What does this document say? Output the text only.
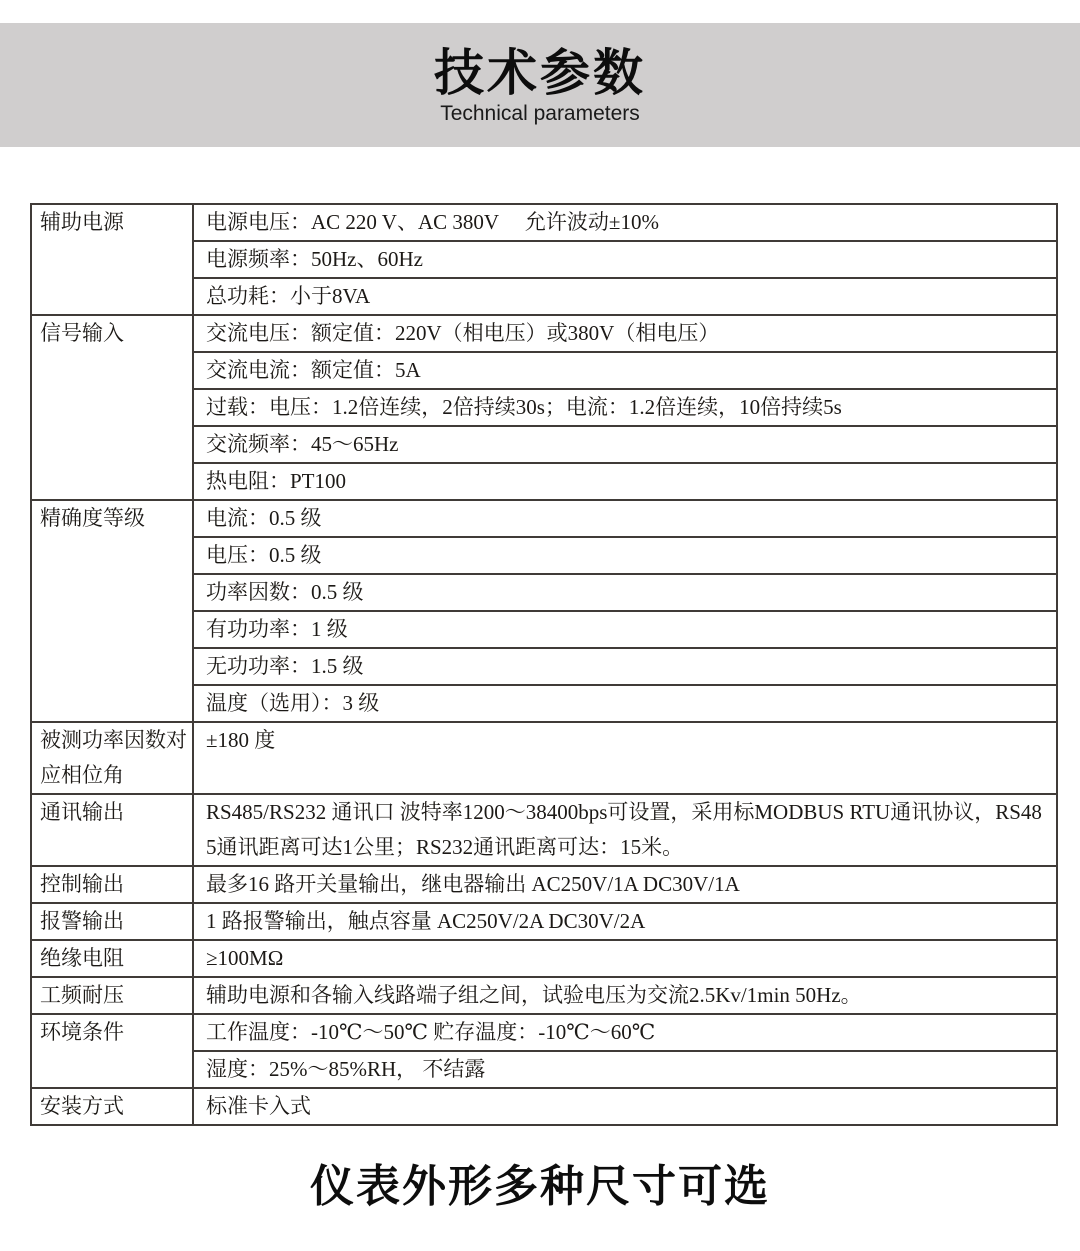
技术参数
Technical parameters
辅助电源	电源电压：AC 220 V、AC 380V　 允许波动±10%
	电源频率：50Hz、60Hz
	总功耗：小于8VA
信号输入	交流电压：额定值：220V（相电压）或380V（相电压）
	交流电流：额定值：5A
	过载：电压：1.2倍连续，2倍持续30s；电流：1.2倍连续，10倍持续5s
	交流频率：45～65Hz
	热电阻：PT100
精确度等级	电流：0.5 级
	电压：0.5 级
	功率因数：0.5 级
	有功功率：1 级
	无功功率：1.5 级
	温度（选用）：3 级
被测功率因数对应相位角	±180 度
通讯输出	RS485/RS232 通讯口 波特率1200～38400bps可设置，采用标MODBUS RTU通讯协议，RS485通讯距离可达1公里；RS232通讯距离可达：15米。
控制输出	最多16 路开关量输出，继电器输出 AC250V/1A DC30V/1A
报警输出	1 路报警输出，触点容量 AC250V/2A DC30V/2A
绝缘电阻	≥100MΩ
工频耐压	辅助电源和各输入线路端子组之间，试验电压为交流2.5Kv/1min 50Hz。
环境条件	工作温度：-10℃～50℃ 贮存温度：-10℃～60℃
	湿度：25%～85%RH， 不结露
安装方式	标准卡入式
仪表外形多种尺寸可选
